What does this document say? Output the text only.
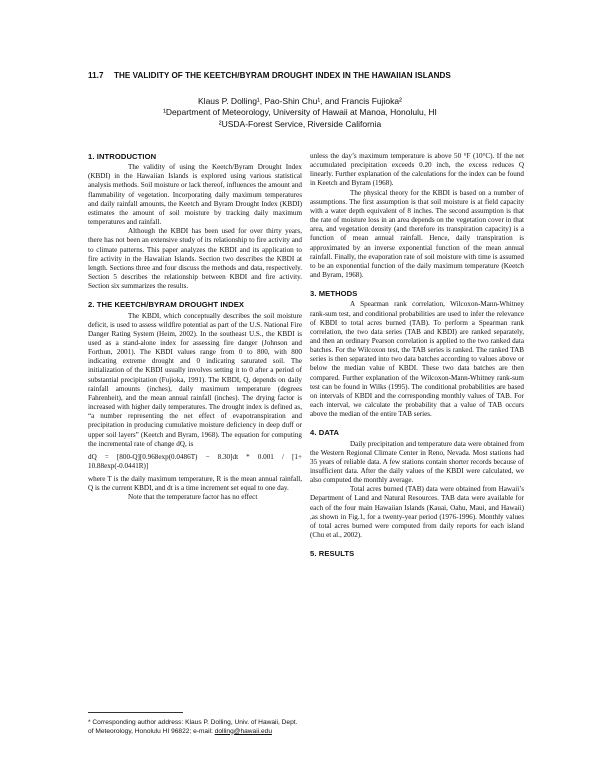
11.7 THE VALIDITY OF THE KEETCH/BYRAM DROUGHT INDEX IN THE HAWAIIAN ISLANDS
Klaus P. Dolling¹, Pao-Shin Chu¹, and Francis Fujioka²
¹Department of Meteorology, University of Hawaii at Manoa, Honolulu, HI
²USDA-Forest Service, Riverside California
1. INTRODUCTION

The validity of using the Keetch/Byram Drought Index (KBDI) in the Hawaiian Islands is explored using various statistical analysis methods. Soil moisture or lack thereof, influences the amount and flammability of vegetation. Incorporating daily maximum temperatures and daily rainfall amounts, the Keetch and Byram Drought Index (KBDI) estimates the amount of soil moisture by tracking daily maximum temperatures and rainfall.

Although the KBDI has been used for over thirty years, there has not been an extensive study of its relationship to fire activity and to climate patterns. This paper analyzes the KBDI and its application to fire activity in the Hawaiian Islands. Section two describes the KBDI at length. Sections three and four discuss the methods and data, respectively. Section 5 describes the relationship between KBDI and fire activity. Section six summarizes the results.

2. THE KEETCH/BYRAM DROUGHT INDEX

The KBDI, which conceptually describes the soil moisture deficit, is used to assess wildfire potential as part of the U.S. National Fire Danger Rating System (Heim, 2002). In the southeast U.S., the KBDI is used as a stand-alone index for assessing fire danger (Johnson and Forthun, 2001). The KBDI values range from 0 to 800, with 800 indicating extreme drought and 0 indicating saturated soil. The initialization of the KBDI usually involves setting it to 0 after a period of substantial precipitation (Fujioka, 1991). The KBDI, Q, depends on daily rainfall amounts (inches), daily maximum temperature (degrees Fahrenheit), and the mean annual rainfall (inches). The drying factor is increased with higher daily temperatures. The drought index is defined as, “a number representing the net effect of evapotranspiration and precipitation in producing cumulative moisture deficiency in deep duff or upper soil layers” (Keetch and Byram, 1968). The equation for computing the incremental rate of change dQ, is

dQ = [800-Q][0.968exp(0.0486T) − 8.30]dt * 0.001 / [1+ 10.88exp(-0.0441R)]

where T is the daily maximum temperature, R is the mean annual rainfall, Q is the current KBDI, and dt is a time increment set equal to one day.

Note that the temperature factor has no effect

unless the day’s maximum temperature is above 50 °F (10°C). If the net accumulated precipitation exceeds 0.20 inch, the excess reduces Q linearly. Further explanation of the calculations for the index can be found in Keetch and Byram (1968).

The physical theory for the KBDI is based on a number of assumptions. The first assumption is that soil moisture is at field capacity with a water depth equivalent of 8 inches. The second assumption is that the rate of moisture loss in an area depends on the vegetation cover in that area, and vegetation density (and therefore its transpiration capacity) is a function of mean annual rainfall. Hence, daily transpiration is approximated by an inverse exponential function of the mean annual rainfall. Finally, the evaporation rate of soil moisture with time is assumed to be an exponential function of the daily maximum temperature (Keetch and Byram, 1968).

3. METHODS

A Spearman rank correlation, Wilcoxon-Mann-Whitney rank-sum test, and conditional probabilities are used to infer the relevance of KBDI to total acres burned (TAB). To perform a Spearman rank correlation, the two data series (TAB and KBDI) are ranked separately, and then an ordinary Pearson correlation is applied to the two ranked data batches. For the Wilcoxon test, the TAB series is ranked. The ranked TAB series is then separated into two data batches according to values above or below the median value of KBDI. These two data batches are then compared. Further explanation of the Wilcoxon-Mann-Whitney rank-sum test can be found in Wilks (1995). The conditional probabilities are based on intervals of KBDI and the corresponding monthly values of TAB. For each interval, we calculate the probability that a value of TAB occurs above the median of the entire TAB series.

4. DATA

Daily precipitation and temperature data were obtained from the Western Regional Climate Center in Reno, Nevada. Most stations had 35 years of reliable data. A few stations contain shorter records because of insufficient data. After the daily values of the KBDI were calculated, we also computed the monthly average.

Total acres burned (TAB) data were obtained from Hawaii’s Department of Land and Natural Resources. TAB data were available for each of the four main Hawaiian Islands (Kauai, Oahu, Maui, and Hawaii) ,as shown in Fig.1, for a twenty-year period (1976-1996). Monthly values of total acres burned were computed from daily reports for each island (Chu et al., 2002).

5. RESULTS
* Corresponding author address: Klaus P. Dolling, Univ. of Hawaii, Dept. of Meteorology, Honolulu HI 96822; e-mail: dolling@hawaii.edu
